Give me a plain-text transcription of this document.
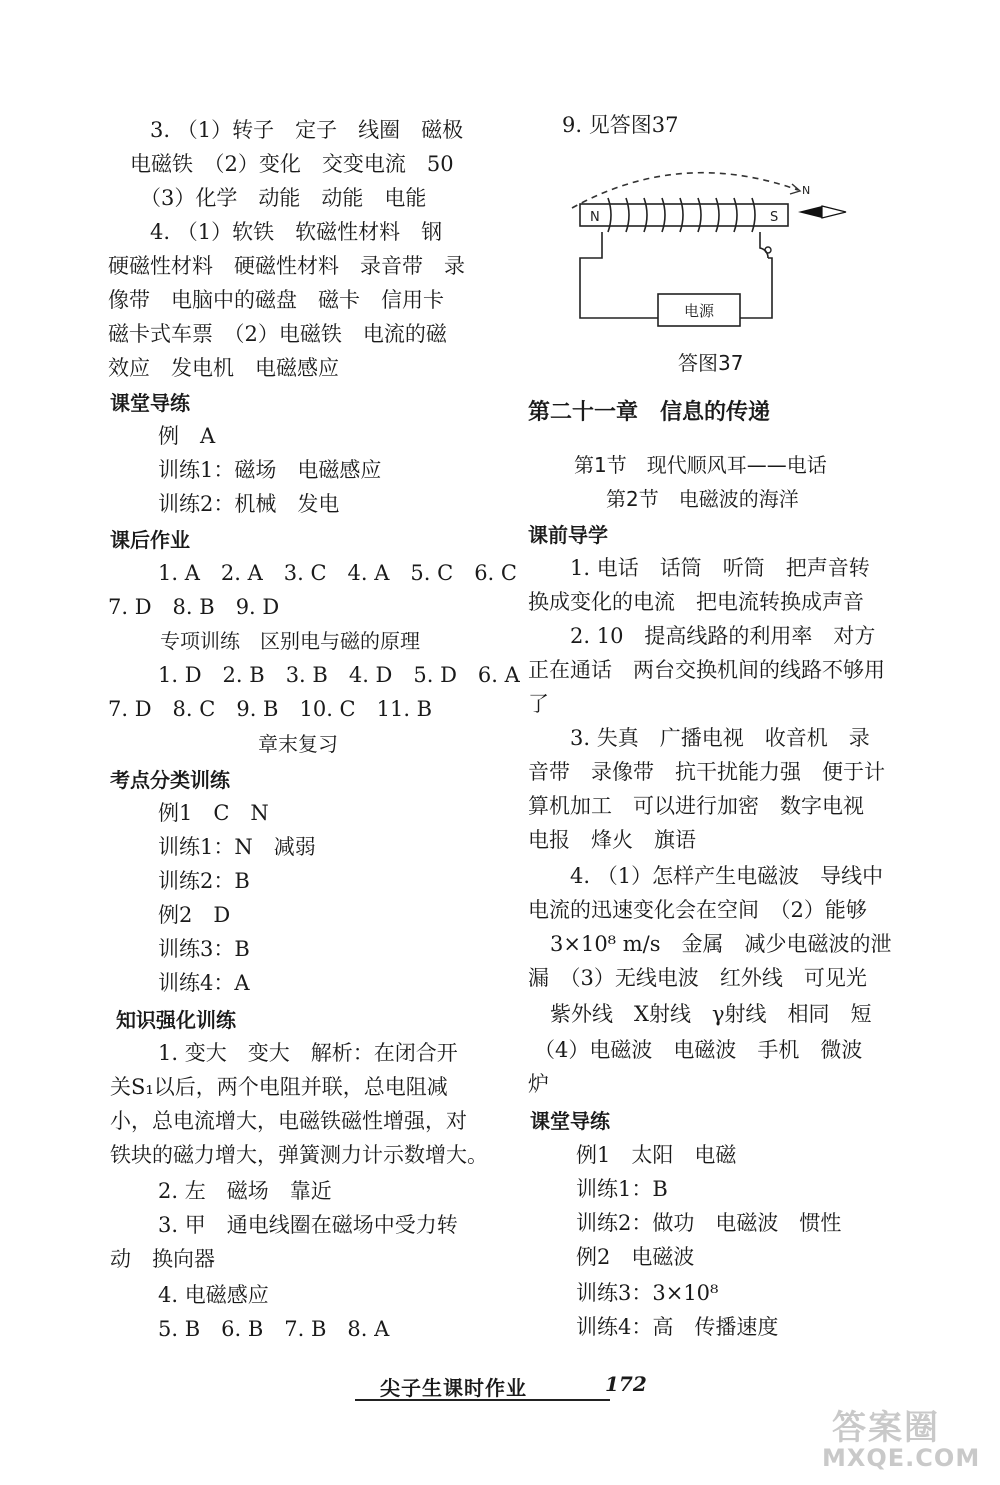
3. （1）转子　定子　线圈　磁极
电磁铁　（2）变化　交变电流　50
（3）化学　动能　动能　电能
4. （1）软铁　软磁性材料　钢
硬磁性材料　硬磁性材料　录音带　录
像带　电脑中的磁盘　磁卡　信用卡
磁卡式车票　（2）电磁铁　电流的磁
效应　发电机　电磁感应
课堂导练
例　A
训练1：磁场　电磁感应
训练2：机械　发电
课后作业
1. A　2. A　3. C　4. A　5. C　6. C
7. D　8. B　9. D
专项训练　区别电与磁的原理
1. D　2. B　3. B　4. D　5. D　6. A
7. D　8. C　9. B　10. C　11. B
章末复习
考点分类训练
例1　C　N
训练1：N　减弱
训练2：B
例2　D
训练3：B
训练4：A
知识强化训练
1. 变大　变大　解析：在闭合开
关S₁以后，两个电阻并联，总电阻减
小，总电流增大，电磁铁磁性增强，对
铁块的磁力增大，弹簧测力计示数增大。
2. 左　磁场　靠近
3. 甲　通电线圈在磁场中受力转
动　换向器
4. 电磁感应
5. B　6. B　7. B　8. A
9. 见答图37
答图37
第二十一章　信息的传递
第1节　现代顺风耳——电话
第2节　电磁波的海洋
课前导学
1. 电话　话筒　听筒　把声音转
换成变化的电流　把电流转换成声音
2. 10　提高线路的利用率　对方
正在通话　两台交换机间的线路不够用
了
3. 失真　广播电视　收音机　录
音带　录像带　抗干扰能力强　便于计
算机加工　可以进行加密　数字电视
电报　烽火　旗语
4. （1）怎样产生电磁波　导线中
电流的迅速变化会在空间　（2）能够
3×10⁸ m/s　金属　减少电磁波的泄
漏　（3）无线电波　红外线　可见光
紫外线　X射线　γ射线　相同　短
（4）电磁波　电磁波　手机　微波
炉
课堂导练
例1　太阳　电磁
训练1：B
训练2：做功　电磁波　惯性
例2　电磁波
训练3：3×10⁸
训练4：高　传播速度
N	S
N
电源
尖子生课时作业	172
答案圈
MXQE.COM
